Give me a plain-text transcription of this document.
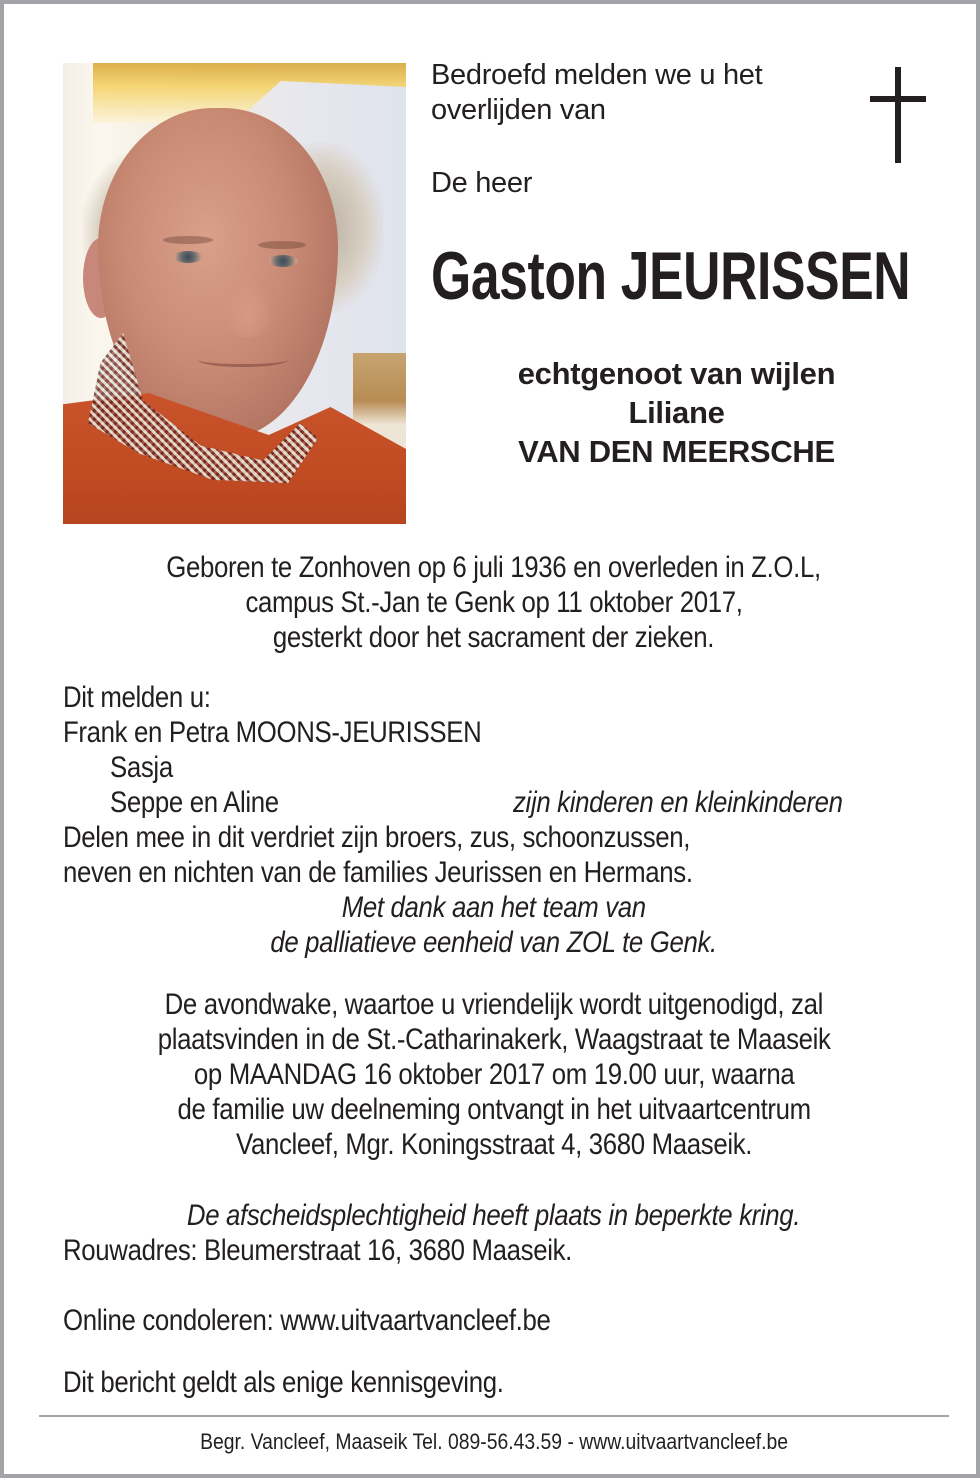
Bedroefd melden we u het
overlijden van
De heer
Gaston JEURISSEN
echtgenoot van wijlen
Liliane
VAN DEN MEERSCHE
Geboren te Zonhoven op 6 juli 1936 en overleden in Z.O.L,
campus St.-Jan te Genk op 11 oktober 2017,
gesterkt door het sacrament der zieken.
Dit melden u:
Frank en Petra MOONS-JEURISSEN
Sasja
Seppe en Aline	zijn kinderen en kleinkinderen
Delen mee in dit verdriet zijn broers, zus, schoonzussen,
neven en nichten van de families Jeurissen en Hermans.
Met dank aan het team van
de palliatieve eenheid van ZOL te Genk.
De avondwake, waartoe u vriendelijk wordt uitgenodigd, zal
plaatsvinden in de St.-Catharinakerk, Waagstraat te Maaseik
op MAANDAG 16 oktober 2017 om 19.00 uur, waarna
de familie uw deelneming ontvangt in het uitvaartcentrum
Vancleef, Mgr. Koningsstraat 4, 3680 Maaseik.
De afscheidsplechtigheid heeft plaats in beperkte kring.
Rouwadres: Bleumerstraat 16, 3680 Maaseik.
Online condoleren: www.uitvaartvancleef.be
Dit bericht geldt als enige kennisgeving.
Begr. Vancleef, Maaseik Tel. 089-56.43.59 - www.uitvaartvancleef.be
